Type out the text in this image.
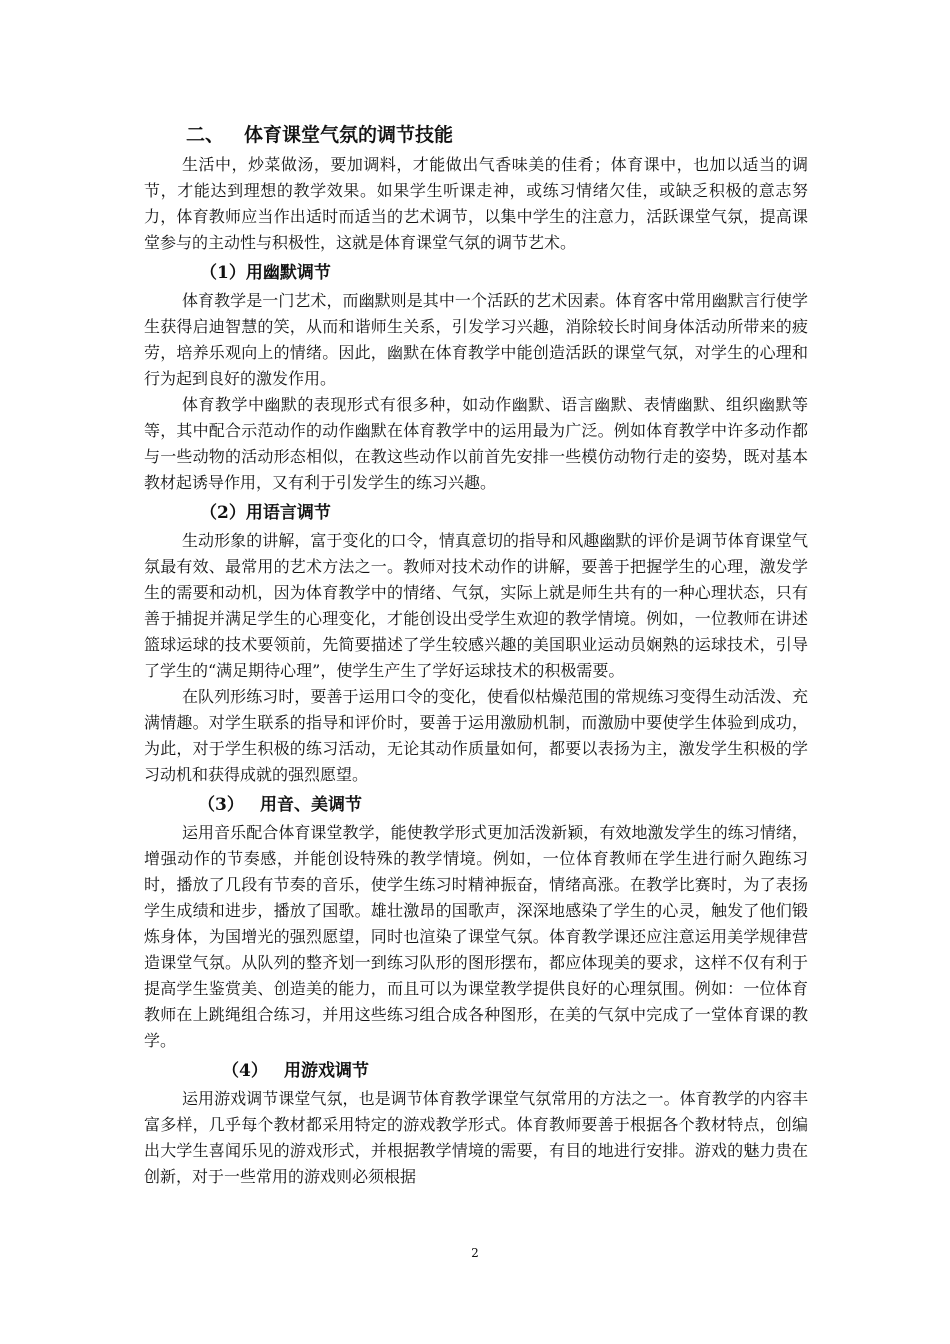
二、 体育课堂气氛的调节技能

生活中，炒菜做汤，要加调料，才能做出气香味美的佳肴；体育课中，也加以适当的调节，才能达到理想的教学效果。如果学生听课走神，或练习情绪欠佳，或缺乏积极的意志努力，体育教师应当作出适时而适当的艺术调节，以集中学生的注意力，活跃课堂气氛，提高课堂参与的主动性与积极性，这就是体育课堂气氛的调节艺术。

（1）用幽默调节

体育教学是一门艺术，而幽默则是其中一个活跃的艺术因素。体育客中常用幽默言行使学生获得启迪智慧的笑，从而和谐师生关系，引发学习兴趣，消除较长时间身体活动所带来的疲劳，培养乐观向上的情绪。因此，幽默在体育教学中能创造活跃的课堂气氛，对学生的心理和行为起到良好的激发作用。

体育教学中幽默的表现形式有很多种，如动作幽默、语言幽默、表情幽默、组织幽默等等，其中配合示范动作的动作幽默在体育教学中的运用最为广泛。例如体育教学中许多动作都与一些动物的活动形态相似，在教这些动作以前首先安排一些模仿动物行走的姿势，既对基本教材起诱导作用，又有利于引发学生的练习兴趣。

（2）用语言调节

生动形象的讲解，富于变化的口令，情真意切的指导和风趣幽默的评价是调节体育课堂气氛最有效、最常用的艺术方法之一。教师对技术动作的讲解，要善于把握学生的心理，激发学生的需要和动机，因为体育教学中的情绪、气氛，实际上就是师生共有的一种心理状态，只有善于捕捉并满足学生的心理变化，才能创设出受学生欢迎的教学情境。例如，一位教师在讲述篮球运球的技术要领前，先简要描述了学生较感兴趣的美国职业运动员娴熟的运球技术，引导了学生的“满足期待心理”，使学生产生了学好运球技术的积极需要。

在队列形练习时，要善于运用口令的变化，使看似枯燥范围的常规练习变得生动活泼、充满情趣。对学生联系的指导和评价时，要善于运用激励机制，而激励中要使学生体验到成功，为此，对于学生积极的练习活动，无论其动作质量如何，都要以表扬为主，激发学生积极的学习动机和获得成就的强烈愿望。

（3） 用音、美调节

运用音乐配合体育课堂教学，能使教学形式更加活泼新颖，有效地激发学生的练习情绪，增强动作的节奏感，并能创设特殊的教学情境。例如，一位体育教师在学生进行耐久跑练习时，播放了几段有节奏的音乐，使学生练习时精神振奋，情绪高涨。在教学比赛时，为了表扬学生成绩和进步，播放了国歌。雄壮激昂的国歌声，深深地感染了学生的心灵，触发了他们锻炼身体，为国增光的强烈愿望，同时也渲染了课堂气氛。体育教学课还应注意运用美学规律营造课堂气氛。从队列的整齐划一到练习队形的图形摆布，都应体现美的要求，这样不仅有利于提高学生鉴赏美、创造美的能力，而且可以为课堂教学提供良好的心理氛围。例如：一位体育教师在上跳绳组合练习，并用这些练习组合成各种图形，在美的气氛中完成了一堂体育课的教学。

（4） 用游戏调节

运用游戏调节课堂气氛，也是调节体育教学课堂气氛常用的方法之一。体育教学的内容丰富多样，几乎每个教材都采用特定的游戏教学形式。体育教师要善于根据各个教材特点，创编出大学生喜闻乐见的游戏形式，并根据教学情境的需要，有目的地进行安排。游戏的魅力贵在创新，对于一些常用的游戏则必须根据

2
